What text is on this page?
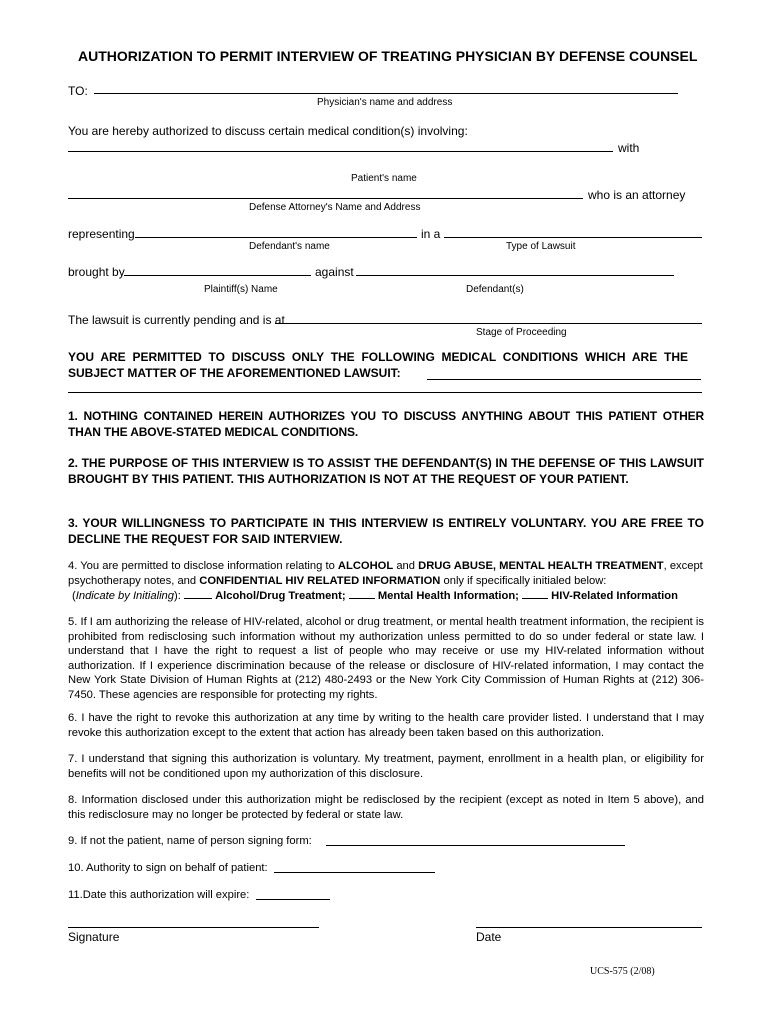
AUTHORIZATION TO PERMIT INTERVIEW OF TREATING PHYSICIAN BY DEFENSE COUNSEL
TO:
Physician's name and address
You are hereby authorized to discuss certain medical condition(s) involving:
with
Patient's name
who is an attorney
Defense Attorney's Name and Address
representing	in a
Defendant's name	Type of Lawsuit
brought by	against
Plaintiff(s) Name	Defendant(s)
The lawsuit is currently pending and is at
Stage of Proceeding
YOU ARE PERMITTED TO DISCUSS ONLY THE FOLLOWING MEDICAL CONDITIONS WHICH ARE THE SUBJECT MATTER OF THE AFOREMENTIONED LAWSUIT:
1. NOTHING CONTAINED HEREIN AUTHORIZES YOU TO DISCUSS ANYTHING ABOUT THIS PATIENT OTHER THAN THE ABOVE-STATED MEDICAL CONDITIONS.
2. THE PURPOSE OF THIS INTERVIEW IS TO ASSIST THE DEFENDANT(S) IN THE DEFENSE OF THIS LAWSUIT BROUGHT BY THIS PATIENT. THIS AUTHORIZATION IS NOT AT THE REQUEST OF YOUR PATIENT.
3. YOUR WILLINGNESS TO PARTICIPATE IN THIS INTERVIEW IS ENTIRELY VOLUNTARY. YOU ARE FREE TO DECLINE THE REQUEST FOR SAID INTERVIEW.
4. You are permitted to disclose information relating to ALCOHOL and DRUG ABUSE, MENTAL HEALTH TREATMENT, except psychotherapy notes, and CONFIDENTIAL HIV RELATED INFORMATION only if specifically initialed below:
(Indicate by Initialing):	Alcohol/Drug Treatment;	Mental Health Information;	HIV-Related Information
5. If I am authorizing the release of HIV-related, alcohol or drug treatment, or mental health treatment information, the recipient is prohibited from redisclosing such information without my authorization unless permitted to do so under federal or state law. I understand that I have the right to request a list of people who may receive or use my HIV-related information without authorization. If I experience discrimination because of the release or disclosure of HIV-related information, I may contact the New York State Division of Human Rights at (212) 480-2493 or the New York City Commission of Human Rights at (212) 306-7450. These agencies are responsible for protecting my rights.
6. I have the right to revoke this authorization at any time by writing to the health care provider listed. I understand that I may revoke this authorization except to the extent that action has already been taken based on this authorization.
7. I understand that signing this authorization is voluntary. My treatment, payment, enrollment in a health plan, or eligibility for benefits will not be conditioned upon my authorization of this disclosure.
8. Information disclosed under this authorization might be redisclosed by the recipient (except as noted in Item 5 above), and this redisclosure may no longer be protected by federal or state law.
9. If not the patient, name of person signing form:
10. Authority to sign on behalf of patient:
11.Date this authorization will expire:
Signature	Date
UCS-575 (2/08)
